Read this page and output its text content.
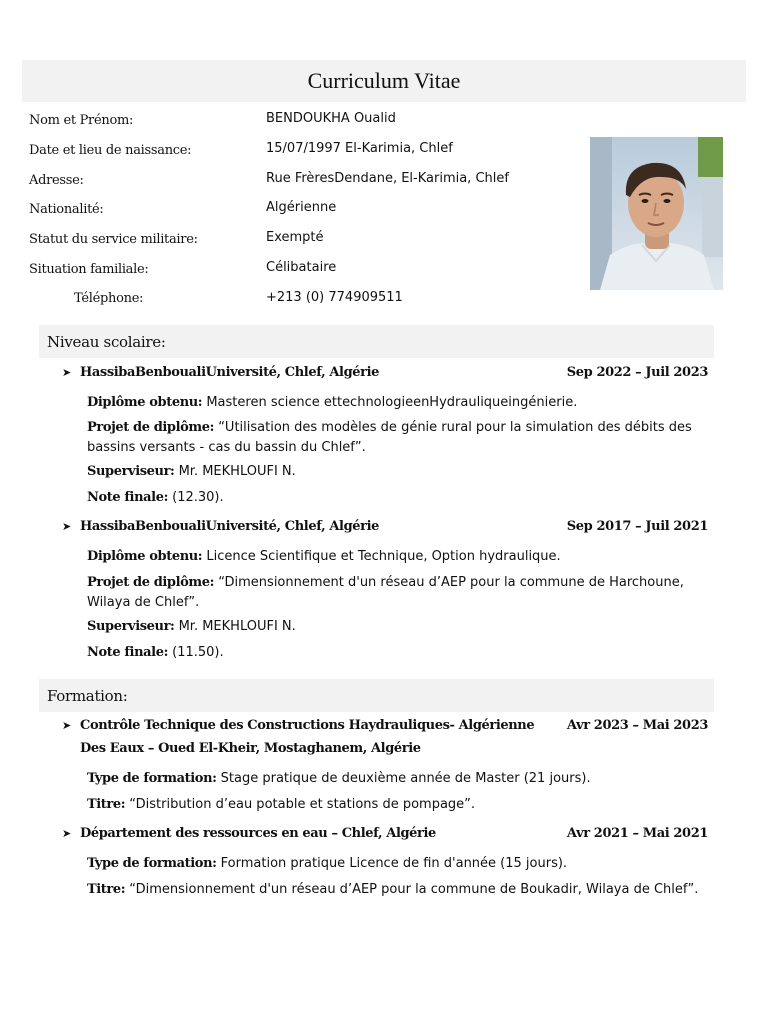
Curriculum Vitae
Nom et Prénom:	BENDOUKHA Oualid
Date et lieu de naissance:	15/07/1997 El-Karimia, Chlef
Adresse:	Rue FrèresDendane, El-Karimia, Chlef
Nationalité:	Algérienne
Statut du service militaire:	Exempté
Situation familiale:	Célibataire
Téléphone:	+213 (0) 774909511
Niveau scolaire:
➤ HassibaBenboualiUniversité, Chlef, Algérie	Sep 2022 – Juil 2023
Diplôme obtenu: Masteren science ettechnologieenHydrauliqueingénierie.
Projet de diplôme: “Utilisation des modèles de génie rural pour la simulation des débits des bassins versants - cas du bassin du Chlef”.
Superviseur: Mr. MEKHLOUFI N.
Note finale: (12.30).
➤ HassibaBenboualiUniversité, Chlef, Algérie	Sep 2017 – Juil 2021
Diplôme obtenu: Licence Scientifique et Technique, Option hydraulique.
Projet de diplôme: “Dimensionnement d'un réseau d’AEP pour la commune de Harchoune, Wilaya de Chlef”.
Superviseur: Mr. MEKHLOUFI N.
Note finale: (11.50).
Formation:
➤ Contrôle Technique des Constructions Haydrauliques- Algérienne	Avr 2023 – Mai 2023
Des Eaux – Oued El-Kheir, Mostaghanem, Algérie
Type de formation: Stage pratique de deuxième année de Master (21 jours).
Titre: “Distribution d’eau potable et stations de pompage”.
➤ Département des ressources en eau – Chlef, Algérie	Avr 2021 – Mai 2021
Type de formation: Formation pratique Licence de fin d'année (15 jours).
Titre: “Dimensionnement d'un réseau d’AEP pour la commune de Boukadir, Wilaya de Chlef”.
